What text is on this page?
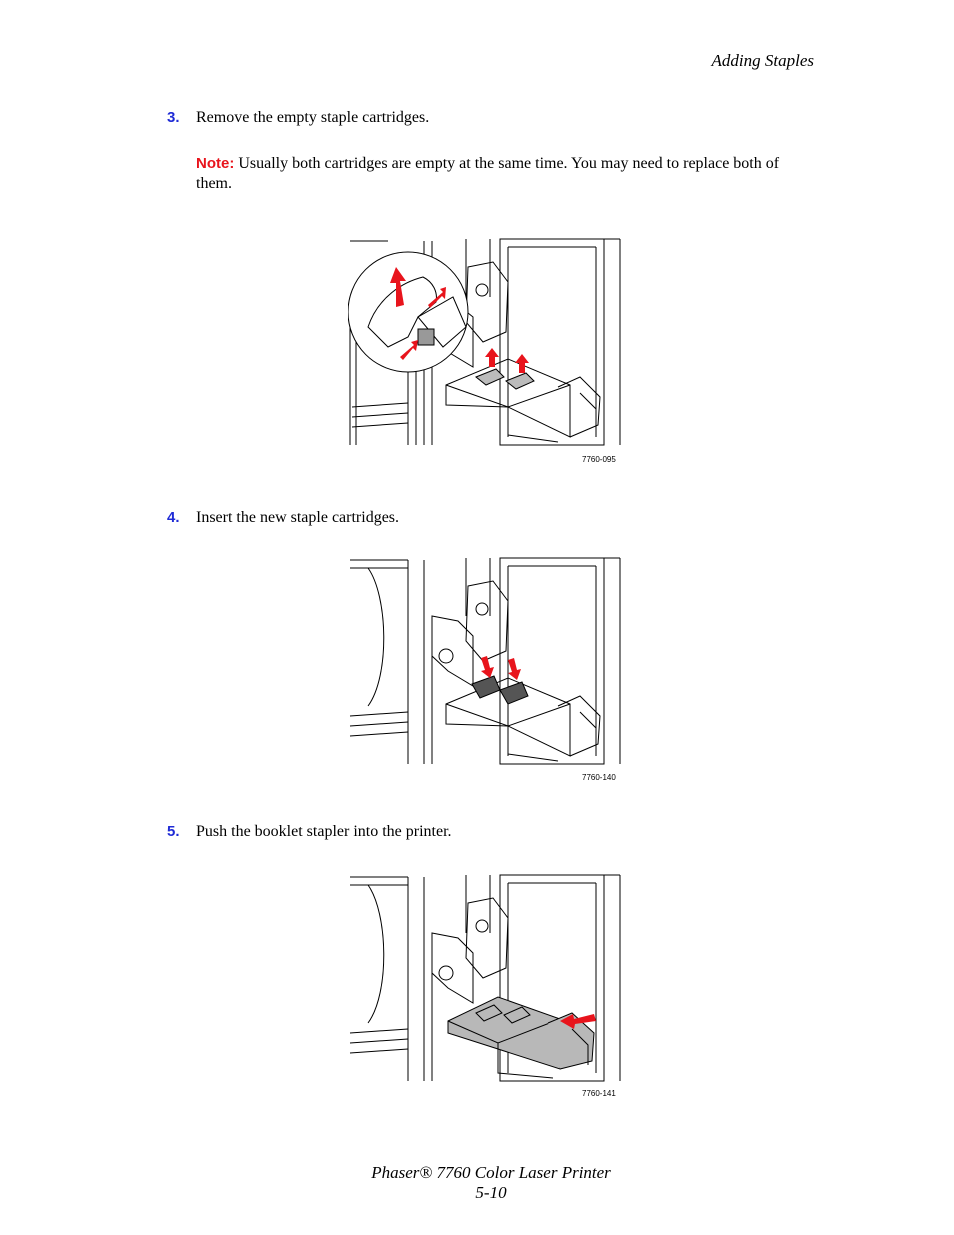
Adding Staples
3. Remove the empty staple cartridges.
Note: Usually both cartridges are empty at the same time. You may need to replace both of them.
7760-095
4. Insert the new staple cartridges.
7760-140
5. Push the booklet stapler into the printer.
7760-141
Phaser® 7760 Color Laser Printer
5-10
